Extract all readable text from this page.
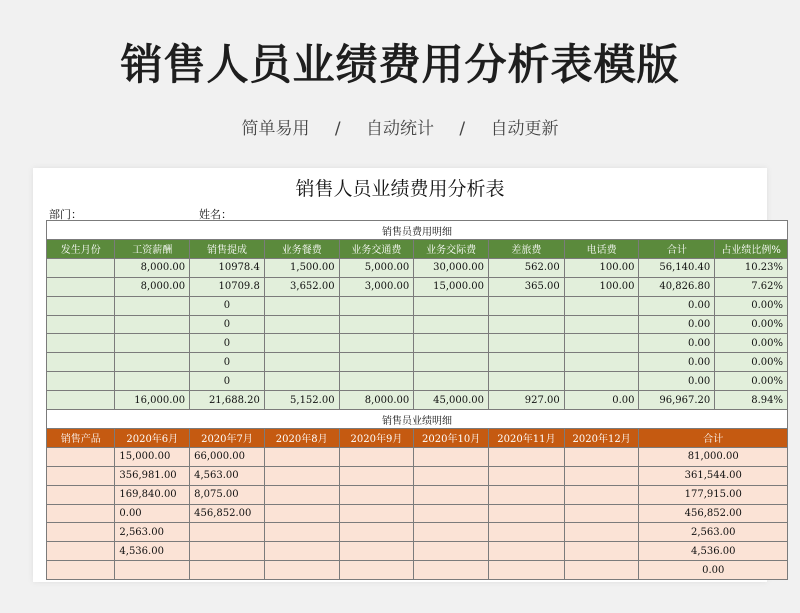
销售人员业绩费用分析表模版
简单易用 / 自动统计 / 自动更新
销售人员业绩费用分析表
部门：	姓名：
销售员费用明细									
发生月份	工资薪酬	销售提成	业务餐费	业务交通费	业务交际费	差旅费	电话费	合计	占业绩比例%
	8,000.00	10978.4	1,500.00	5,000.00	30,000.00	562.00	100.00	56,140.40	10.23%
	8,000.00	10709.8	3,652.00	3,000.00	15,000.00	365.00	100.00	40,826.80	7.62%
		0						0.00	0.00%
		0						0.00	0.00%
		0						0.00	0.00%
		0						0.00	0.00%
		0						0.00	0.00%
	16,000.00	21,688.20	5,152.00	8,000.00	45,000.00	927.00	0.00	96,967.20	8.94%
销售员业绩明细									
销售产品	2020年6月	2020年7月	2020年8月	2020年9月	2020年10月	2020年11月	2020年12月	合计	
	15,000.00	66,000.00						81,000.00	
	356,981.00	4,563.00						361,544.00	
	169,840.00	8,075.00						177,915.00	
	0.00	456,852.00						456,852.00	
	2,563.00							2,563.00	
	4,536.00							4,536.00	
								0.00	
